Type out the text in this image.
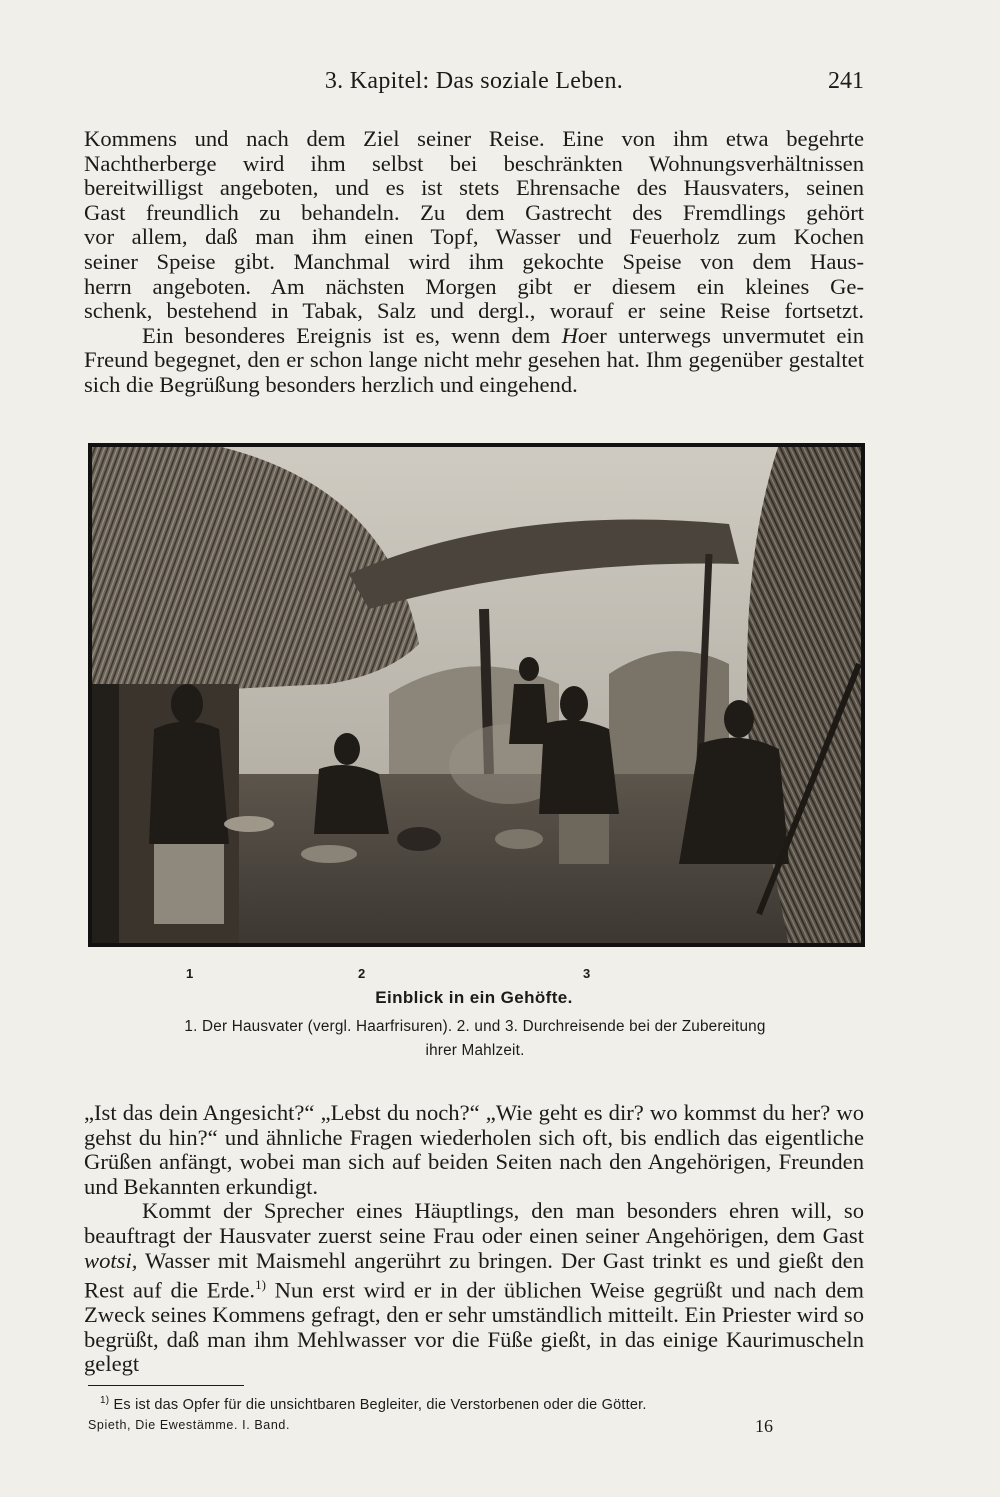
3. Kapitel: Das soziale Leben.	241
Kommens und nach dem Ziel seiner Reise. Eine von ihm etwa begehrte
Nachtherberge wird ihm selbst bei beschränkten Wohnungsverhältnissen
bereitwilligst angeboten, und es ist stets Ehrensache des Hausvaters, seinen
Gast freundlich zu behandeln. Zu dem Gastrecht des Fremdlings gehört
vor allem, daß man ihm einen Topf, Wasser und Feuerholz zum Kochen
seiner Speise gibt. Manchmal wird ihm gekochte Speise von dem Haus-
herrn angeboten. Am nächsten Morgen gibt er diesem ein kleines Ge-
schenk, bestehend in Tabak, Salz und dergl., worauf er seine Reise fortsetzt.
Ein besonderes Ereignis ist es, wenn dem Hoer unterwegs unvermutet ein Freund begegnet, den er schon lange nicht mehr gesehen hat. Ihm gegenüber gestaltet sich die Begrüßung besonders herzlich und eingehend.
1	2	3
Einblick in ein Gehöfte.
1. Der Hausvater (vergl. Haarfrisuren). 2. und 3. Durchreisende bei der Zubereitung
ihrer Mahlzeit.
„Ist das dein Angesicht?“ „Lebst du noch?“ „Wie geht es dir? wo kommst du her? wo gehst du hin?“ und ähnliche Fragen wiederholen sich oft, bis endlich das eigentliche Grüßen anfängt, wobei man sich auf beiden Seiten nach den Angehörigen, Freunden und Bekannten erkundigt.
Kommt der Sprecher eines Häuptlings, den man besonders ehren will, so beauftragt der Hausvater zuerst seine Frau oder einen seiner Angehörigen, dem Gast wotsi, Wasser mit Maismehl angerührt zu bringen. Der Gast trinkt es und gießt den Rest auf die Erde.$^{1)}$ Nun erst wird er in der üblichen Weise gegrüßt und nach dem Zweck seines Kommens gefragt, den er sehr umständlich mitteilt. Ein Priester wird so begrüßt, daß man ihm Mehlwasser vor die Füße gießt, in das einige Kaurimuscheln gelegt
$^{1)}$ Es ist das Opfer für die unsichtbaren Begleiter, die Verstorbenen oder die Götter.
Spieth, Die Ewestämme. I. Band.	16
